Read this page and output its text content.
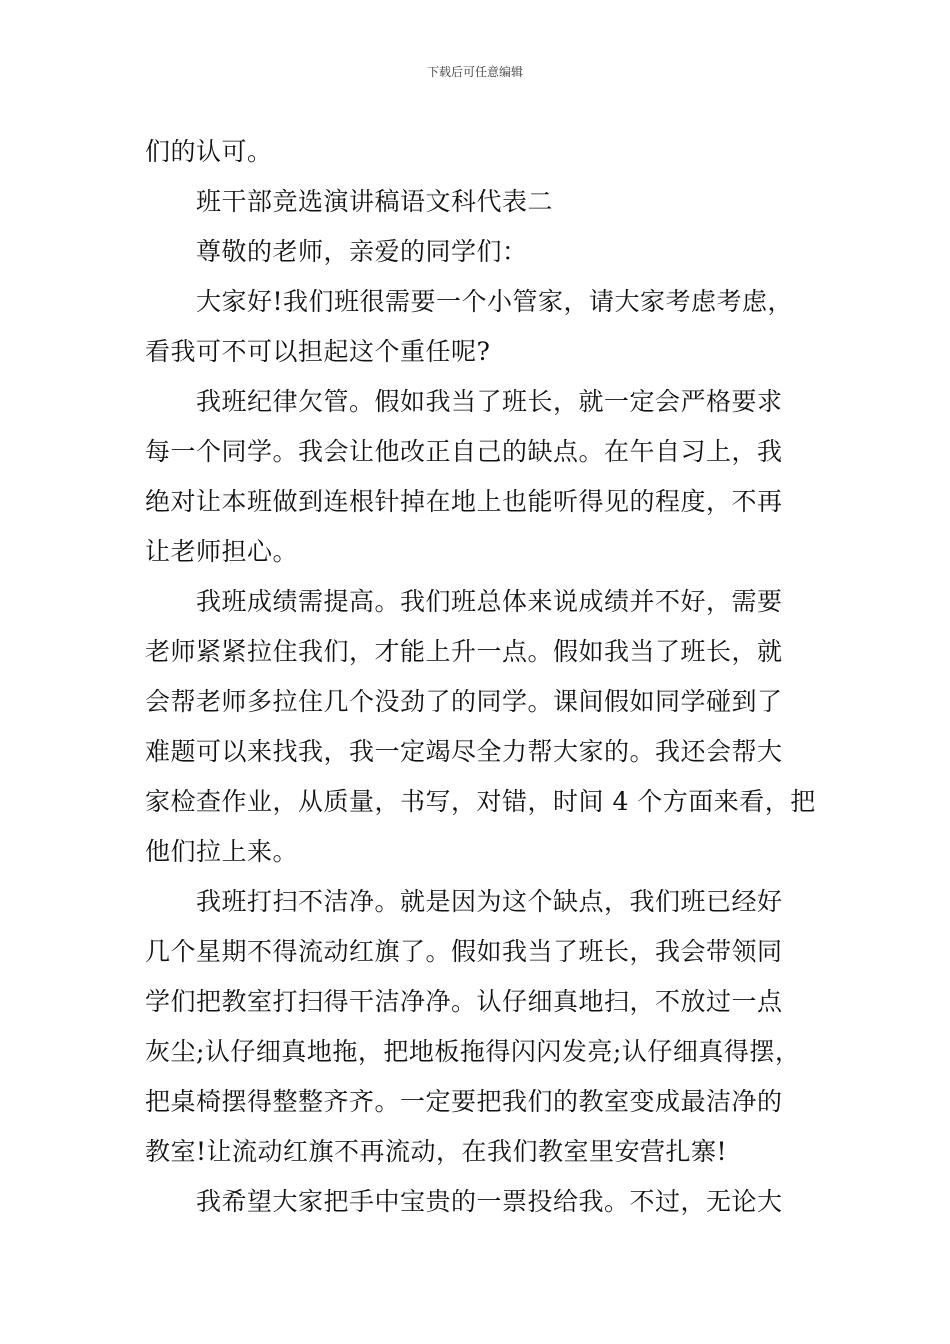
下载后可任意编辑
们的认可。
班干部竞选演讲稿语文科代表二
尊敬的老师，亲爱的同学们：
大家好!我们班很需要一个小管家，请大家考虑考虑，
看我可不可以担起这个重任呢?
我班纪律欠管。假如我当了班长，就一定会严格要求
每一个同学。我会让他改正自己的缺点。在午自习上，我
绝对让本班做到连根针掉在地上也能听得见的程度，不再
让老师担心。
我班成绩需提高。我们班总体来说成绩并不好，需要
老师紧紧拉住我们，才能上升一点。假如我当了班长，就
会帮老师多拉住几个没劲了的同学。课间假如同学碰到了
难题可以来找我，我一定竭尽全力帮大家的。我还会帮大
家检查作业，从质量，书写，对错，时间 4 个方面来看，把
他们拉上来。
我班打扫不洁净。就是因为这个缺点，我们班已经好
几个星期不得流动红旗了。假如我当了班长，我会带领同
学们把教室打扫得干洁净净。认仔细真地扫，不放过一点
灰尘;认仔细真地拖，把地板拖得闪闪发亮;认仔细真得摆，
把桌椅摆得整整齐齐。一定要把我们的教室变成最洁净的
教室!让流动红旗不再流动，在我们教室里安营扎寨!
我希望大家把手中宝贵的一票投给我。不过，无论大
